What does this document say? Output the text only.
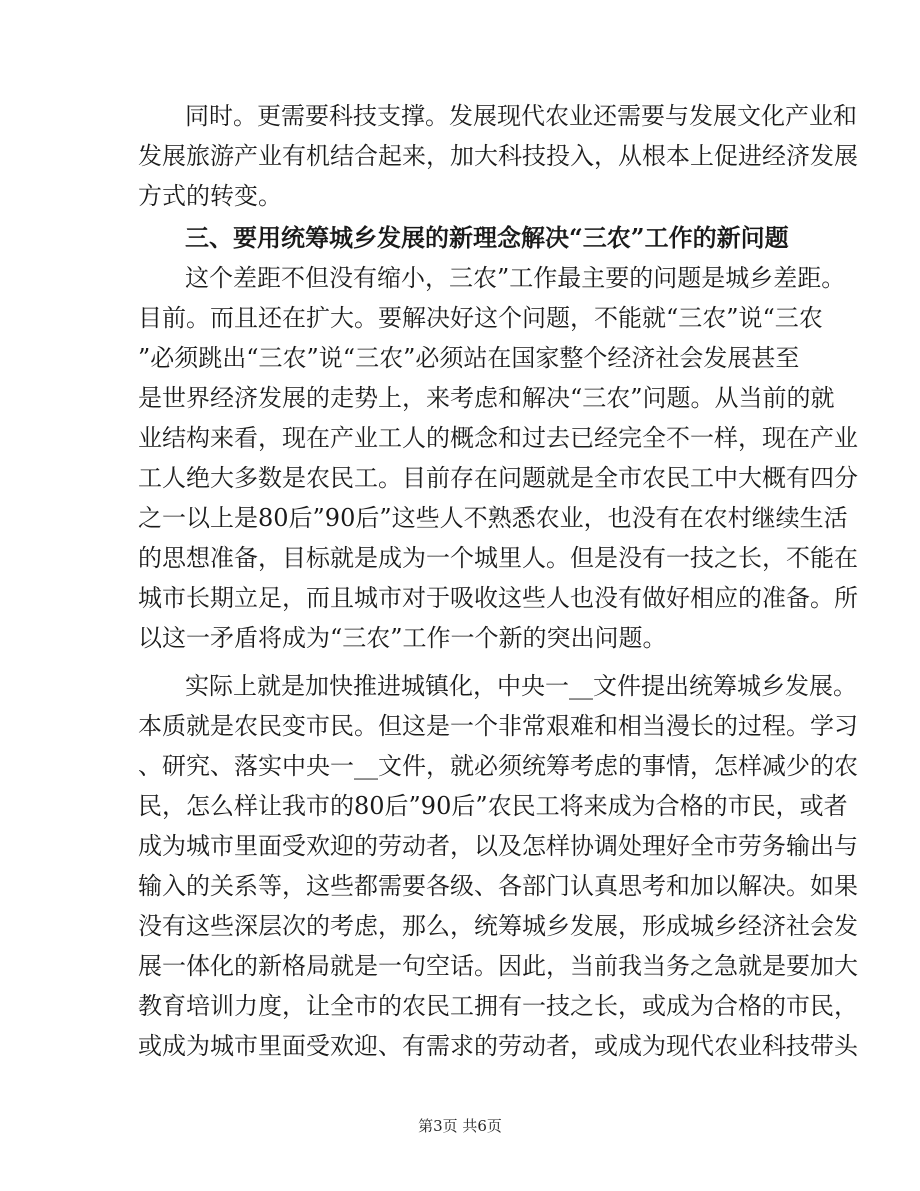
同时。更需要科技支撑。发展现代农业还需要与发展文化产业和
发展旅游产业有机结合起来，加大科技投入，从根本上促进经济发展
方式的转变。
三、要用统筹城乡发展的新理念解决“三农”工作的新问题
这个差距不但没有缩小，三农”工作最主要的问题是城乡差距。
目前。而且还在扩大。要解决好这个问题，不能就“三农”说“三农
”必须跳出“三农”说“三农”必须站在国家整个经济社会发展甚至
是世界经济发展的走势上，来考虑和解决“三农”问题。从当前的就
业结构来看，现在产业工人的概念和过去已经完全不一样，现在产业
工人绝大多数是农民工。目前存在问题就是全市农民工中大概有四分
之一以上是80后”90后”这些人不熟悉农业，也没有在农村继续生活
的思想准备，目标就是成为一个城里人。但是没有一技之长，不能在
城市长期立足，而且城市对于吸收这些人也没有做好相应的准备。所
以这一矛盾将成为“三农”工作一个新的突出问题。
实际上就是加快推进城镇化，中央一__文件提出统筹城乡发展。
本质就是农民变市民。但这是一个非常艰难和相当漫长的过程。学习
、研究、落实中央一__文件，就必须统筹考虑的事情，怎样减少的农
民，怎么样让我市的80后”90后”农民工将来成为合格的市民，或者
成为城市里面受欢迎的劳动者，以及怎样协调处理好全市劳务输出与
输入的关系等，这些都需要各级、各部门认真思考和加以解决。如果
没有这些深层次的考虑，那么，统筹城乡发展，形成城乡经济社会发
展一体化的新格局就是一句空话。因此，当前我当务之急就是要加大
教育培训力度，让全市的农民工拥有一技之长，或成为合格的市民，
或成为城市里面受欢迎、有需求的劳动者，或成为现代农业科技带头
第3页 共6页
